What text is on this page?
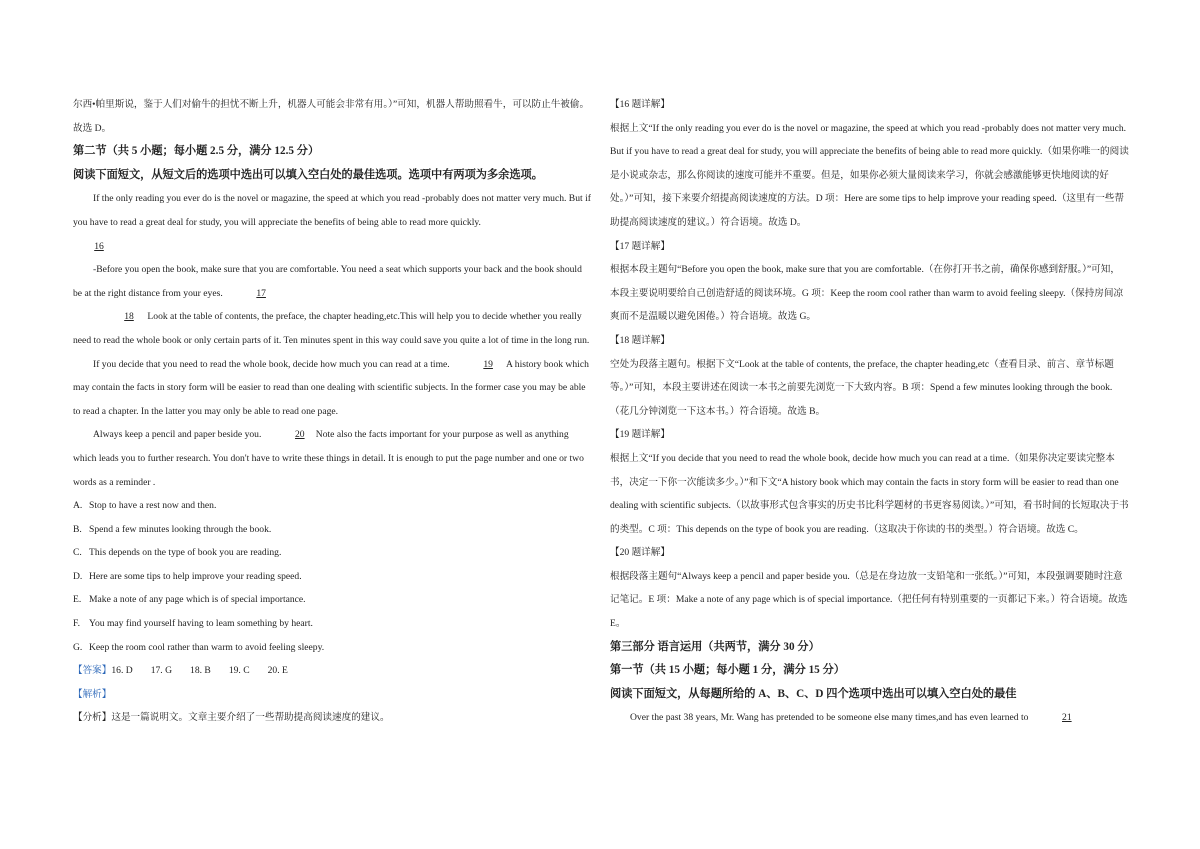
尔西•帕里斯说，鉴于人们对偷牛的担忧不断上升，机器人可能会非常有用。）”可知，机器人帮助照看牛，可以防止牛被偷。故选 D。

第二节（共 5 小题；每小题 2.5 分，满分 12.5 分）

阅读下面短文，从短文后的选项中选出可以填入空白处的最佳选项。选项中有两项为多余选项。

If the only reading you ever do is the novel or magazine, the speed at which you read -probably does not matter very much. But if you have to read a great deal for study, you will appreciate the benefits of being able to read more quickly.

16

-Before you open the book, make sure that you are comfortable. You need a seat which supports your back and the book should be at the right distance from your eyes.	17

18 Look at the table of contents, the preface, the chapter heading,etc.This will help you to decide whether you really need to read the whole book or only certain parts of it. Ten minutes spent in this way could save you quite a lot of time in the long run.

If you decide that you need to read the whole book, decide how much you can read at a time.	19 A history book which may contain the facts in story form will be easier to read than one dealing with scientific subjects. In the former case you may be able to read a chapter. In the latter you may only be able to read one page.

Always keep a pencil and paper beside you.	20 Note also the facts important for your purpose as well as anything which leads you to further research. You don't have to write these things in detail. It is enough to put the page number and one or two words as a reminder .

A. Stop to have a rest now and then.

B. Spend a few minutes looking through the book.

C. This depends on the type of book you are reading.

D. Here are some tips to help improve your reading speed.

E. Make a note of any page which is of special importance.

F. You may find yourself having to leam something by heart.

G. Keep the room cool rather than warm to avoid feeling sleepy.

【答案】16. D 17. G 18. B 19. C 20. E

【解析】

【分析】这是一篇说明文。文章主要介绍了一些帮助提高阅读速度的建议。

【16 题详解】

根据上文“If the only reading you ever do is the novel or magazine, the speed at which you read -probably does not matter very much. But if you have to read a great deal for study, you will appreciate the benefits of being able to read more quickly.（如果你唯一的阅读是小说或杂志，那么你阅读的速度可能并不重要。但是，如果你必须大量阅读来学习，你就会感激能够更快地阅读的好处。）”可知，接下来要介绍提高阅读速度的方法。D 项：Here are some tips to help improve your reading speed.（这里有一些帮助提高阅读速度的建议。）符合语境。故选 D。

【17 题详解】

根据本段主题句“Before you open the book, make sure that you are comfortable.（在你打开书之前，确保你感到舒服。）”可知，本段主要说明要给自己创造舒适的阅读环境。G 项：Keep the room cool rather than warm to avoid feeling sleepy.（保持房间凉爽而不是温暖以避免困倦。）符合语境。故选 G。

【18 题详解】

空处为段落主题句。根据下文“Look at the table of contents, the preface, the chapter heading,etc（查看目录、前言、章节标题等。）”可知，本段主要讲述在阅读一本书之前要先浏览一下大致内容。B 项：Spend a few minutes looking through the book.（花几分钟浏览一下这本书。）符合语境。故选 B。

【19 题详解】

根据上文“If you decide that you need to read the whole book, decide how much you can read at a time.（如果你决定要读完整本书，决定一下你一次能读多少。）”和下文“A history book which may contain the facts in story form will be easier to read than one dealing with scientific subjects.（以故事形式包含事实的历史书比科学题材的书更容易阅读。）”可知，看书时间的长短取决于书的类型。C 项：This depends on the type of book you are reading.（这取决于你读的书的类型。）符合语境。故选 C。

【20 题详解】

根据段落主题句“Always keep a pencil and paper beside you.（总是在身边放一支铅笔和一张纸。）”可知，本段强调要随时注意记笔记。E 项：Make a note of any page which is of special importance.（把任何有特别重要的一页都记下来。）符合语境。故选 E。

第三部分 语言运用（共两节，满分 30 分）

第一节（共 15 小题；每小题 1 分，满分 15 分）

阅读下面短文，从每题所给的 A、B、C、D 四个选项中选出可以填入空白处的最佳

Over the past 38 years, Mr. Wang has pretended to be someone else many times,and has even learned to	21
